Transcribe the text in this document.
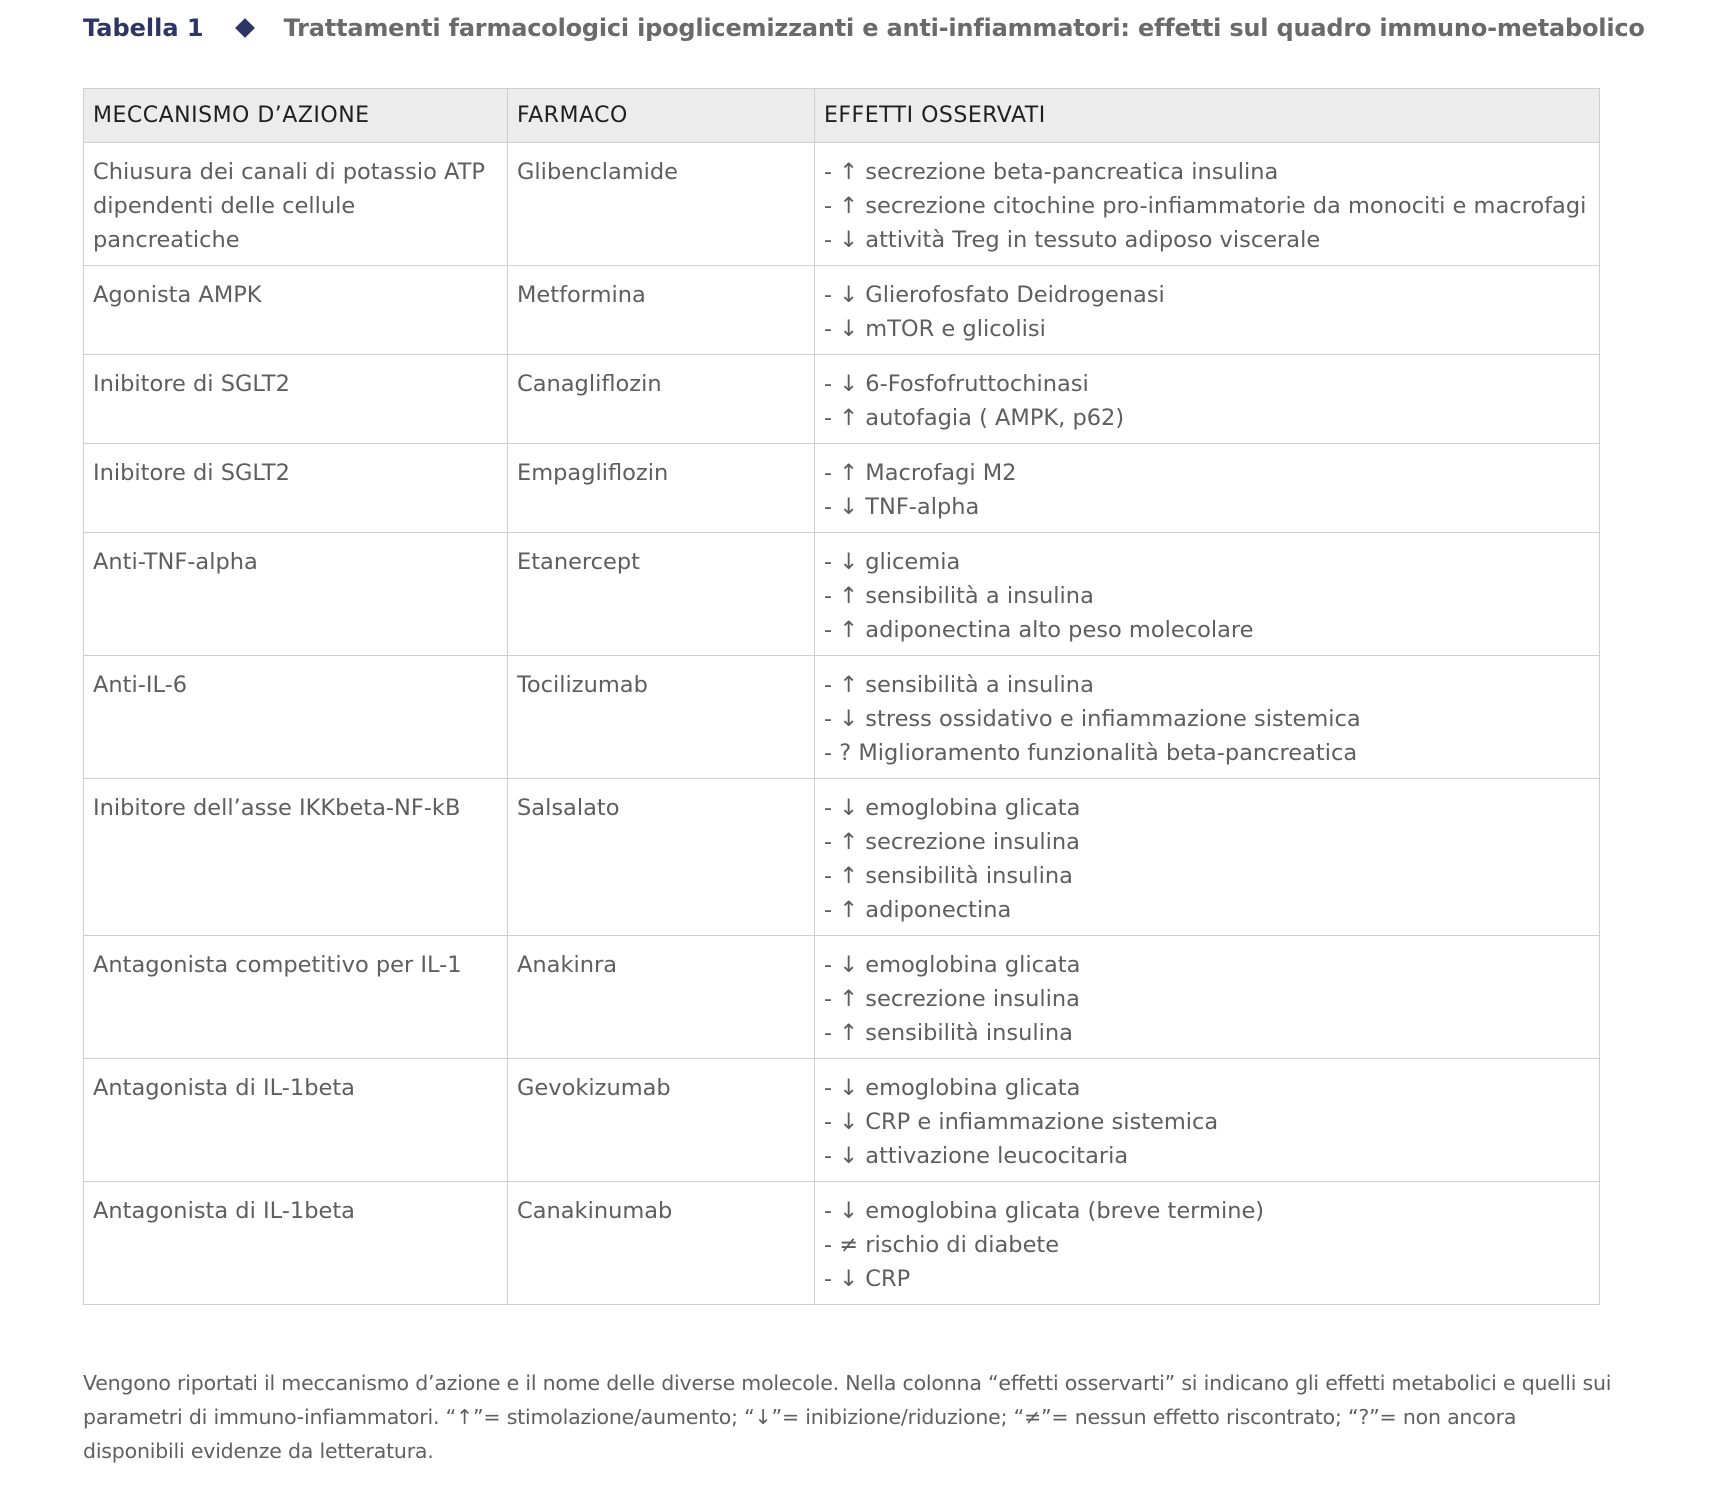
Tabella 1	Trattamenti farmacologici ipoglicemizzanti e anti-infiammatori: effetti sul quadro immuno-metabolico
MECCANISMO D’AZIONE	FARMACO	EFFETTI OSSERVATI
Chiusura dei canali di potassio ATP dipendenti delle cellule pancreatiche	Glibenclamide	- ↑ secrezione beta-pancreatica insulina
- ↑ secrezione citochine pro-infiammatorie da monociti e macrofagi
- ↓ attività Treg in tessuto adiposo viscerale

Agonista AMPK	Metformina	- ↓ Glierofosfato Deidrogenasi
- ↓ mTOR e glicolisi

Inibitore di SGLT2	Canagliflozin	- ↓ 6-Fosfofruttochinasi
- ↑ autofagia ( AMPK, p62)

Inibitore di SGLT2	Empagliflozin	- ↑ Macrofagi M2
- ↓ TNF-alpha

Anti-TNF-alpha	Etanercept	- ↓ glicemia
- ↑ sensibilità a insulina
- ↑ adiponectina alto peso molecolare

Anti-IL-6	Tocilizumab	- ↑ sensibilità a insulina
- ↓ stress ossidativo e infiammazione sistemica
- ? Miglioramento funzionalità beta-pancreatica

Inibitore dell’asse IKKbeta-NF-kB	Salsalato	- ↓ emoglobina glicata
- ↑ secrezione insulina
- ↑ sensibilità insulina
- ↑ adiponectina

Antagonista competitivo per IL-1	Anakinra	- ↓ emoglobina glicata
- ↑ secrezione insulina
- ↑ sensibilità insulina

Antagonista di IL-1beta	Gevokizumab	- ↓ emoglobina glicata
- ↓ CRP e infiammazione sistemica
- ↓ attivazione leucocitaria

Antagonista di IL-1beta	Canakinumab	- ↓ emoglobina glicata (breve termine)
- ≠ rischio di diabete
- ↓ CRP
Vengono riportati il meccanismo d’azione e il nome delle diverse molecole. Nella colonna “effetti osservarti” si indicano gli effetti metabolici e quelli sui parametri di immuno-infiammatori. “↑”= stimolazione/aumento; “↓”= inibizione/riduzione; “≠”= nessun effetto riscontrato; “?”= non ancora disponibili evidenze da letteratura.
